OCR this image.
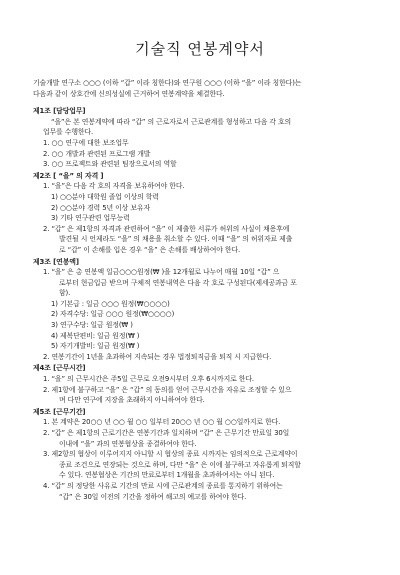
기술직 연봉계약서

기술개발 연구소 ○○○ (이하 “갑” 이라 칭한다)와 연구원 ○○○ (이하 “을” 이라 칭한다)는

다음과 같이 상호간에 신의성실에 근거하여 연봉계약을 체결한다.

제1조 [담당업무]

“을”은 본 연봉계약에 따라 “갑” 의 근로자로서 근로관계를 형성하고 다음 각 호의

업무를 수행한다.

1. ○○ 연구에 대한 보조업무

2. ○○ 개발과 관련된 프로그램 개발

3. ○○ 프로젝트와 관련된 팀장으로서의 역할

제2조 [ “을” 의 자격 ]

1. “을”은 다음 각 호의 자격을 보유하여야 한다.

1) ○○분야 대학원 졸업 이상의 학력

2) ○○분야 경력 5년 이상 보유자

3) 기타 연구관련 업무능력

2. “갑” 은 제1항의 자격과 관련하여 “을” 이 제출한 서류가 허위의 사실이 채용후에

발견될 시 언제라도 “을” 의 채용을 취소할 수 있다. 이때 “을” 의 허위자료 제출

로 “갑” 이 손해를 입은 경우 “을” 은 손해를 배상하여야 한다.

제3조 [연봉액]

1. “을” 은 총 연봉액 일금○○○원정(₩ )을 12개월로 나누어 매월 10일 “갑” 으

로부터 현금입금 받으며 구체적 연봉내역은 다음 각 호로 구성된다(제세공과금 포

함).

1) 기본급 : 일금 ○○○ 원정(₩○○○○)

2) 자격수당: 일금 ○○○ 원정(₩○○○○)

3) 연구수당: 일금 원정(₩ )

4) 제복단편비: 일금 원정(₩ )

5) 자기개발비: 일금 원정(₩ )

2. 연봉기간이 1년을 초과하여 지속되는 경우 법정퇴직금을 퇴직 시 지급한다.

제4조 [근무시간]

1. “을” 의 근무시간은 주5일 근무로 오전9시부터 오후 6시까지로 한다.

2. 제1항에 불구하고 “을” 은 “갑” 의 동의를 얻어 근무시간을 자유로 조정할 수 있으

며 다만 연구에 지장을 초래하지 아니하여야 한다.

제5조 [근무기간]

1. 본 계약은 20○○ 년 ○○ 월 ○○ 일부터 20○○ 년 ○○ 월 ○○일까지로 한다.

2. “갑” 은 제1항의 근로기간은 연봉기간과 일치하며 “갑” 은 근무기간 만료일 30일

이내에 “을” 과의 연봉협상을 종결하여야 한다.

3. 제2항의 협상이 이루어지지 아니할 시 협상의 종료 시까지는 임의적으로 근로계약이

종료 조건으로 연장되는 것으로 하며, 다만 “을” 은 이에 불구하고 자유롭게 퇴직할

수 있다. 연봉협상은 기간의 만료로부터 1개월을 초과하여서는 아니 된다.

4. “갑” 의 정당한 사유로 기간의 만료 시에 근로관계의 종료를 통지하기 위하여는

“갑” 은 30일 이전의 기간을 정하여 해고의 예고를 하여야 한다.
